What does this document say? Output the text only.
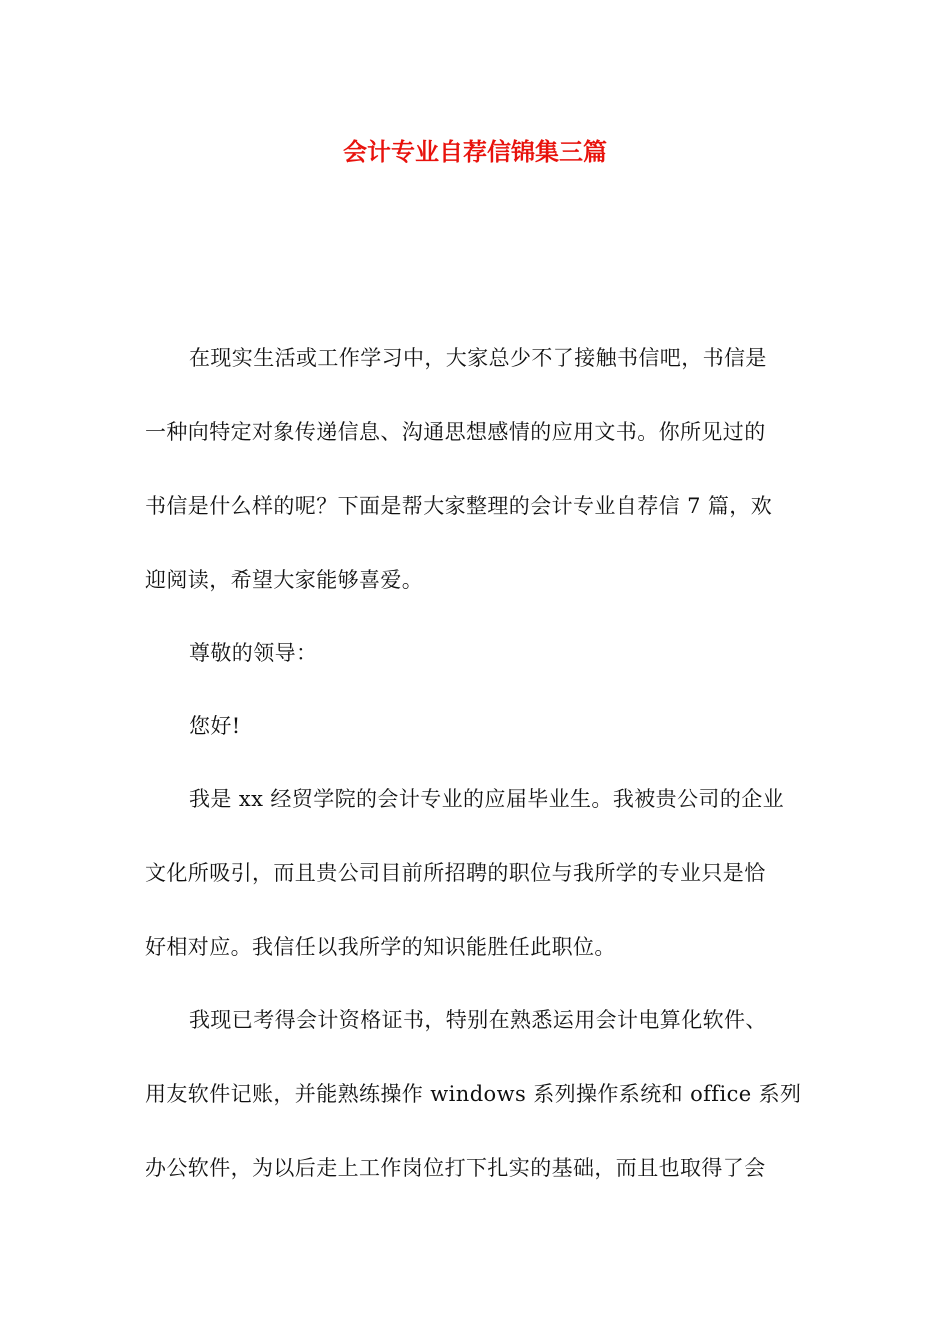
会计专业自荐信锦集三篇

在现实生活或工作学习中，大家总少不了接触书信吧，书信是
一种向特定对象传递信息、沟通思想感情的应用文书。你所见过的
书信是什么样的呢？下面是帮大家整理的会计专业自荐信 7 篇，欢
迎阅读，希望大家能够喜爱。

尊敬的领导：

您好!

我是 xx 经贸学院的会计专业的应届毕业生。我被贵公司的企业
文化所吸引，而且贵公司目前所招聘的职位与我所学的专业只是恰
好相对应。我信任以我所学的知识能胜任此职位。

我现已考得会计资格证书，特别在熟悉运用会计电算化软件、
用友软件记账，并能熟练操作 windows 系列操作系统和 office 系列
办公软件，为以后走上工作岗位打下扎实的基础，而且也取得了会
